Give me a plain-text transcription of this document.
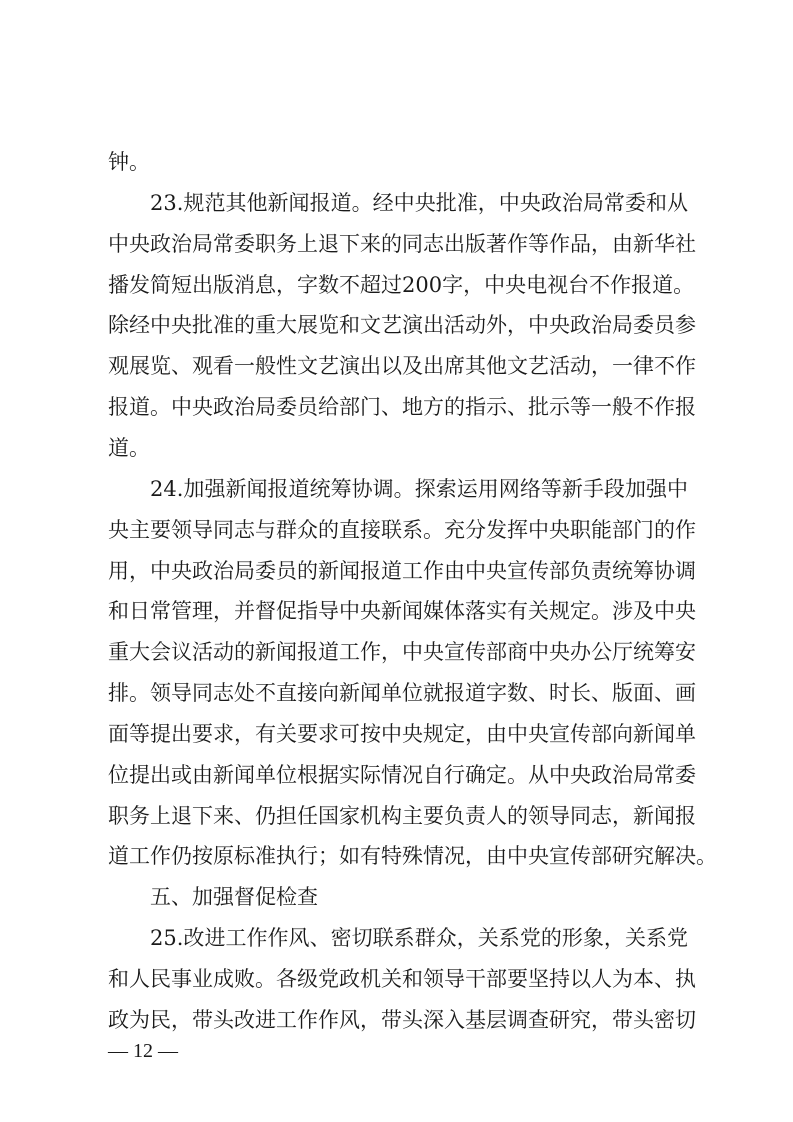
钟。
23.规范其他新闻报道。经中央批准，中央政治局常委和从
中央政治局常委职务上退下来的同志出版著作等作品，由新华社
播发简短出版消息，字数不超过200字，中央电视台不作报道。
除经中央批准的重大展览和文艺演出活动外，中央政治局委员参
观展览、观看一般性文艺演出以及出席其他文艺活动，一律不作
报道。中央政治局委员给部门、地方的指示、批示等一般不作报
道。
24.加强新闻报道统筹协调。探索运用网络等新手段加强中
央主要领导同志与群众的直接联系。充分发挥中央职能部门的作
用，中央政治局委员的新闻报道工作由中央宣传部负责统筹协调
和日常管理，并督促指导中央新闻媒体落实有关规定。涉及中央
重大会议活动的新闻报道工作，中央宣传部商中央办公厅统筹安
排。领导同志处不直接向新闻单位就报道字数、时长、版面、画
面等提出要求，有关要求可按中央规定，由中央宣传部向新闻单
位提出或由新闻单位根据实际情况自行确定。从中央政治局常委
职务上退下来、仍担任国家机构主要负责人的领导同志，新闻报
道工作仍按原标准执行；如有特殊情况，由中央宣传部研究解决。
五、加强督促检查
25.改进工作作风、密切联系群众，关系党的形象，关系党
和人民事业成败。各级党政机关和领导干部要坚持以人为本、执
政为民，带头改进工作作风，带头深入基层调查研究，带头密切
— 12 —
